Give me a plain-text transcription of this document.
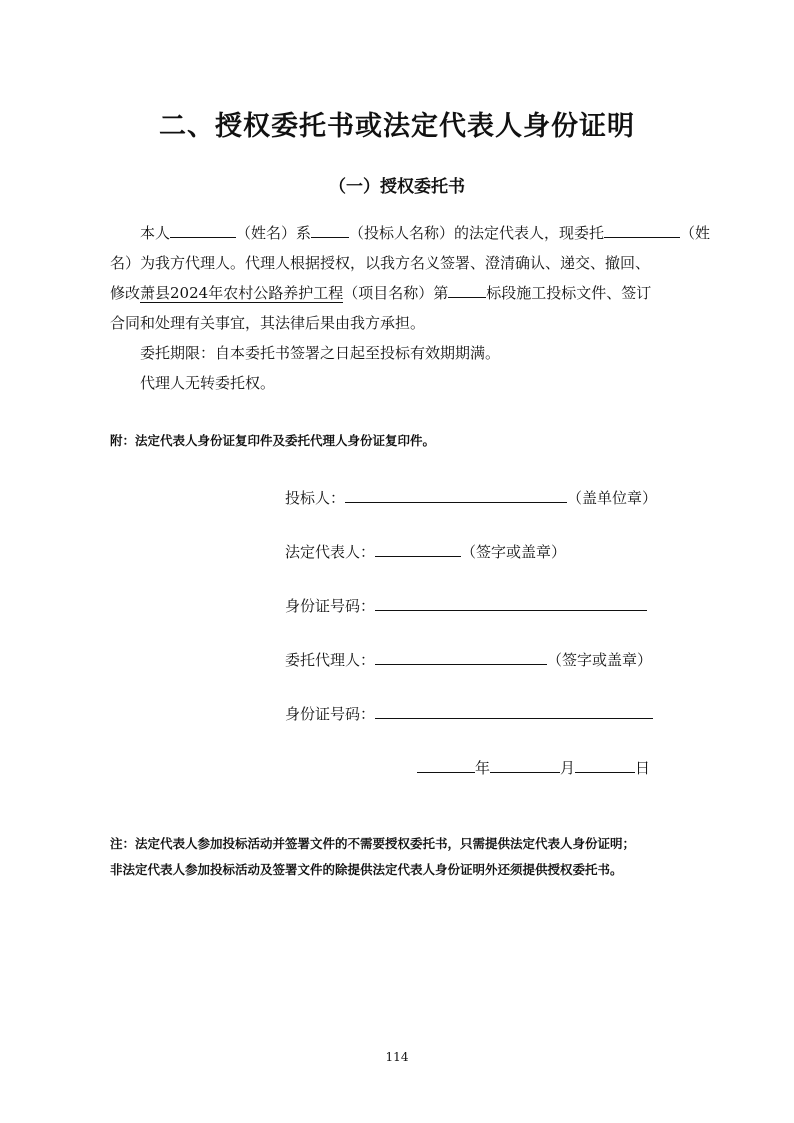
二、授权委托书或法定代表人身份证明
（一）授权委托书
本人	（姓名）系	（投标人名称）的法定代表人，现委托	（姓
名）为我方代理人。代理人根据授权，以我方名义签署、澄清确认、递交、撤回、
修改萧县2024年农村公路养护工程（项目名称）第	标段施工投标文件、签订
合同和处理有关事宜，其法律后果由我方承担。
委托期限：自本委托书签署之日起至投标有效期期满。
代理人无转委托权。
附：法定代表人身份证复印件及委托代理人身份证复印件。
投标人：	（盖单位章）
法定代表人：	（签字或盖章）
身份证号码：
委托代理人：	（签字或盖章）
身份证号码：
年	月	日
注：法定代表人参加投标活动并签署文件的不需要授权委托书，只需提供法定代表人身份证明；
非法定代表人参加投标活动及签署文件的除提供法定代表人身份证明外还须提供授权委托书。
114
